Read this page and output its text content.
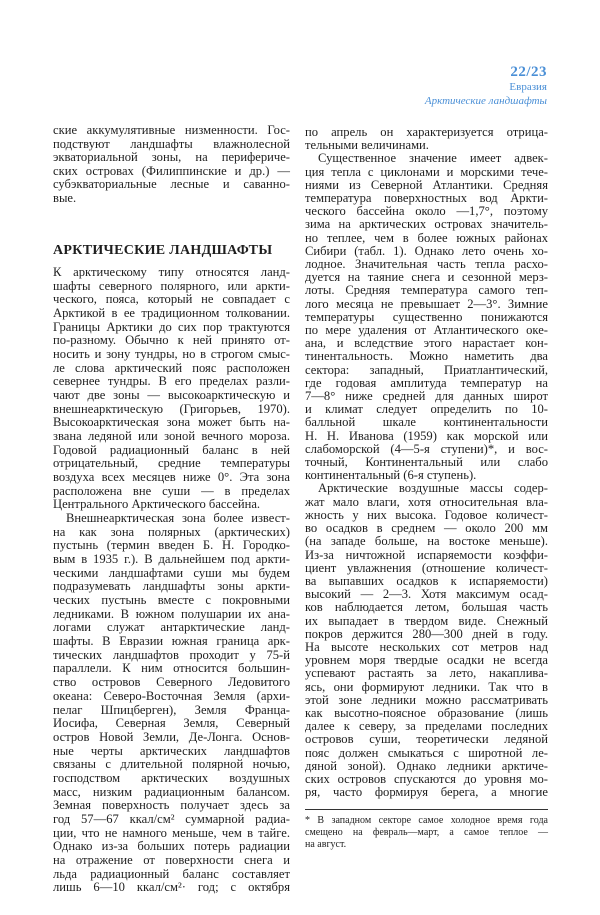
22/23
Евразия
Арктические ландшафты
ские аккумулятивные низменности. Гос-
подствуют ландшафты влажнолесной
экваториальной зоны, на перифериче-
ских островах (Филиппинские и др.) —
субэкваториальные лесные и саванно-
вые.
АРКТИЧЕСКИЕ ЛАНДШАФТЫ
К арктическому типу относятся ланд-
шафты северного полярного, или аркти-
ческого, пояса, который не совпадает с
Арктикой в ее традиционном толковании.
Границы Арктики до сих пор трактуются
по-разному. Обычно к ней принято от-
носить и зону тундры, но в строгом смыс-
ле слова арктический пояс расположен
севернее тундры. В его пределах разли-
чают две зоны — высокоарктическую и
внешнеарктическую (Григорьев, 1970).
Высокоарктическая зона может быть на-
звана ледяной или зоной вечного мороза.
Годовой радиационный баланс в ней
отрицательный, средние температуры
воздуха всех месяцев ниже 0°. Эта зона
расположена вне суши — в пределах
Центрального Арктического бассейна.
Внешнеарктическая зона более извест-
на как зона полярных (арктических)
пустынь (термин введен Б. Н. Городко-
вым в 1935 г.). В дальнейшем под аркти-
ческими ландшафтами суши мы будем
подразумевать ландшафты зоны аркти-
ческих пустынь вместе с покровными
ледниками. В южном полушарии их ана-
логами служат антарктические ланд-
шафты. В Евразии южная граница арк-
тических ландшафтов проходит у 75-й
параллели. К ним относится большин-
ство островов Северного Ледовитого
океана: Северо-Восточная Земля (архи-
пелаг Шпицберген), Земля Франца-
Иосифа, Северная Земля, Северный
остров Новой Земли, Де-Лонга. Основ-
ные черты арктических ландшафтов
связаны с длительной полярной ночью,
господством арктических воздушных
масс, низким радиационным балансом.
Земная поверхность получает здесь за
год 57—67 ккал/см² суммарной радиа-
ции, что не намного меньше, чем в тайге.
Однако из-за больших потерь радиации
на отражение от поверхности снега и
льда радиационный баланс составляет
лишь 6—10 ккал/см²· год; с октября
по апрель он характеризуется отрица-
тельными величинами.
Существенное значение имеет адвек-
ция тепла с циклонами и морскими тече-
ниями из Северной Атлантики. Средняя
температура поверхностных вод Аркти-
ческого бассейна около —1,7°, поэтому
зима на арктических островах значитель-
но теплее, чем в более южных районах
Сибири (табл. 1). Однако лето очень хо-
лодное. Значительная часть тепла расхо-
дуется на таяние снега и сезонной мерз-
лоты. Средняя температура самого теп-
лого месяца не превышает 2—3°. Зимние
температуры существенно понижаются
по мере удаления от Атлантического оке-
ана, и вследствие этого нарастает кон-
тинентальность. Можно наметить два
сектора: западный, Приатлантический,
где годовая амплитуда температур на
7—8° ниже средней для данных широт
и климат следует определить по 10-
балльной шкале континентальности
Н. Н. Иванова (1959) как морской или
слабоморской (4—5-я ступени)*, и вос-
точный, Континентальный или слабо
континентальный (6-я ступень).
Арктические воздушные массы содер-
жат мало влаги, хотя относительная вла-
жность у них высока. Годовое количест-
во осадков в среднем — около 200 мм
(на западе больше, на востоке меньше).
Из-за ничтожной испаряемости коэффи-
циент увлажнения (отношение количест-
ва выпавших осадков к испаряемости)
высокий — 2—3. Хотя максимум осад-
ков наблюдается летом, большая часть
их выпадает в твердом виде. Снежный
покров держится 280—300 дней в году.
На высоте нескольких сот метров над
уровнем моря твердые осадки не всегда
успевают растаять за лето, накаплива-
ясь, они формируют ледники. Так что в
этой зоне ледники можно рассматривать
как высотно-поясное образование (лишь
далее к северу, за пределами последних
островов суши, теоретически ледяной
пояс должен смыкаться с широтной ле-
дяной зоной). Однако ледники арктиче-
ских островов спускаются до уровня мо-
ря, часто формируя берега, а многие
* В западном секторе самое холодное время года
смещено на февраль—март, а самое теплое —
на август.
